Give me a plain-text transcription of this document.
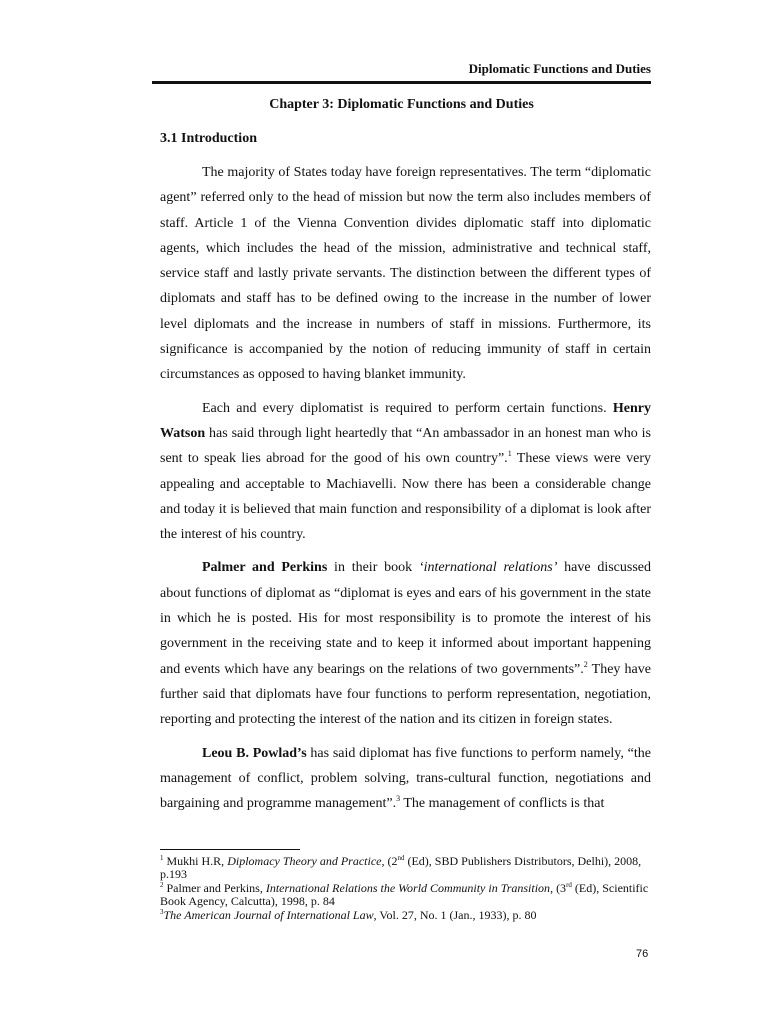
Diplomatic Functions and Duties
Chapter 3: Diplomatic Functions and Duties
3.1 Introduction

The majority of States today have foreign representatives. The term “diplomatic agent” referred only to the head of mission but now the term also includes members of staff. Article 1 of the Vienna Convention divides diplomatic staff into diplomatic agents, which includes the head of the mission, administrative and technical staff, service staff and lastly private servants. The distinction between the different types of diplomats and staff has to be defined owing to the increase in the number of lower level diplomats and the increase in numbers of staff in missions. Furthermore, its significance is accompanied by the notion of reducing immunity of staff in certain circumstances as opposed to having blanket immunity.

Each and every diplomatist is required to perform certain functions. Henry Watson has said through light heartedly that “An ambassador in an honest man who is sent to speak lies abroad for the good of his own country”.$^1$ These views were very appealing and acceptable to Machiavelli. Now there has been a considerable change and today it is believed that main function and responsibility of a diplomat is look after the interest of his country.

Palmer and Perkins in their book ‘international relations’ have discussed about functions of diplomat as “diplomat is eyes and ears of his government in the state in which he is posted. His for most responsibility is to promote the interest of his government in the receiving state and to keep it informed about important happening and events which have any bearings on the relations of two governments”.$^2$ They have further said that diplomats have four functions to perform representation, negotiation, reporting and protecting the interest of the nation and its citizen in foreign states.

Leou B. Powlad’s has said diplomat has five functions to perform namely, “the management of conflict, problem solving, trans-cultural function, negotiations and bargaining and programme management”.$^3$ The management of conflicts is that

$^1$ Mukhi H.R, Diplomacy Theory and Practice, (2nd (Ed), SBD Publishers Distributors, Delhi), 2008, p.193
$^2$ Palmer and Perkins, International Relations the World Community in Transition, (3rd (Ed), Scientific Book Agency, Calcutta), 1998, p. 84
$^3$The American Journal of International Law, Vol. 27, No. 1 (Jan., 1933), p. 80
76
